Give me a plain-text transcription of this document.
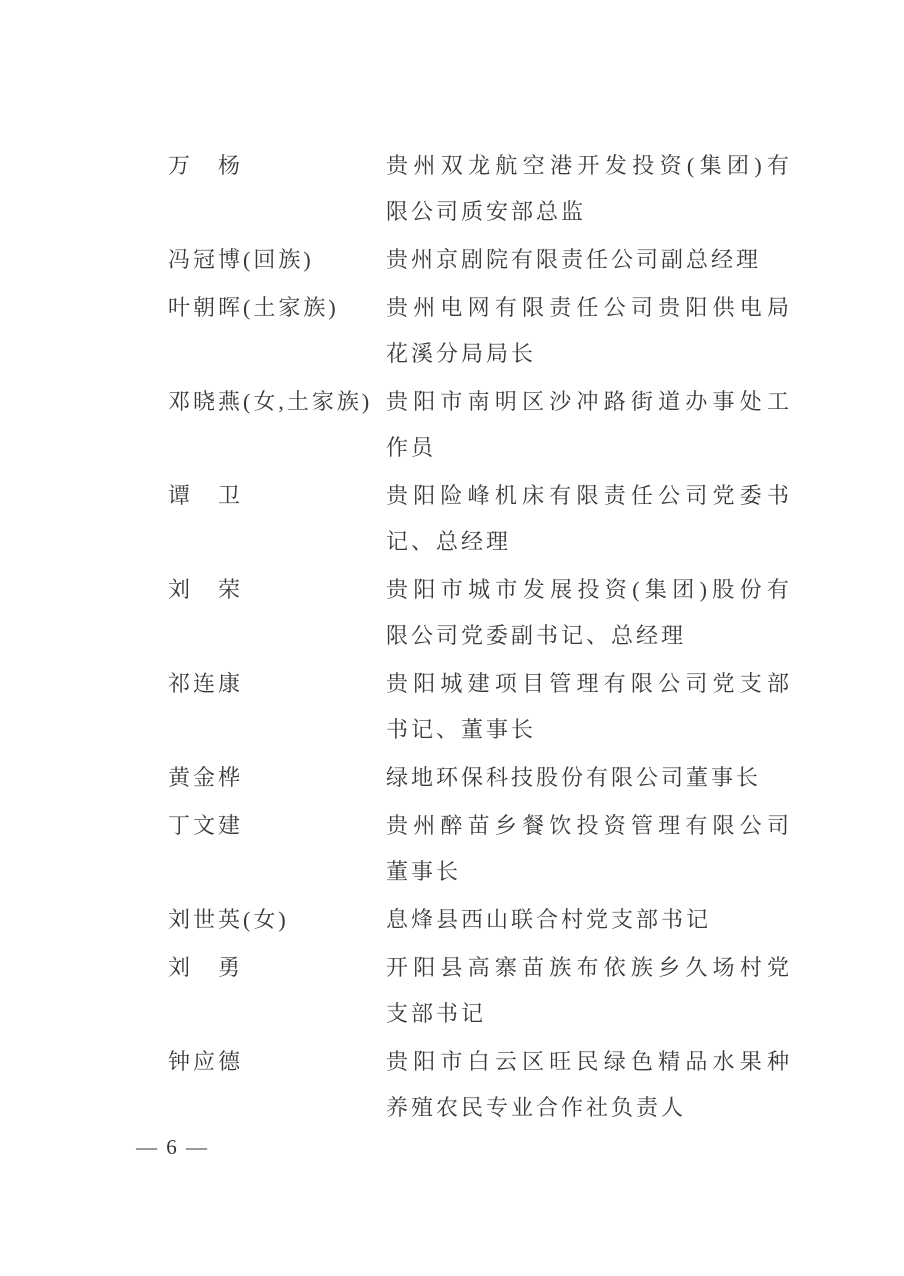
万　杨	贵州双龙航空港开发投资(集团)有
限公司质安部总监
冯冠博(回族)	贵州京剧院有限责任公司副总经理
叶朝晖(土家族)	贵州电网有限责任公司贵阳供电局
花溪分局局长
邓晓燕(女,土家族) 贵阳市南明区沙冲路街道办事处工
作员
谭　卫	贵阳险峰机床有限责任公司党委书
记、总经理
刘　荣	贵阳市城市发展投资(集团)股份有
限公司党委副书记、总经理
祁连康	贵阳城建项目管理有限公司党支部
书记、董事长
黄金桦	绿地环保科技股份有限公司董事长
丁文建	贵州醉苗乡餐饮投资管理有限公司
董事长
刘世英(女)	息烽县西山联合村党支部书记
刘　勇	开阳县高寨苗族布依族乡久场村党
支部书记
钟应德	贵阳市白云区旺民绿色精品水果种
养殖农民专业合作社负责人
— 6 —
